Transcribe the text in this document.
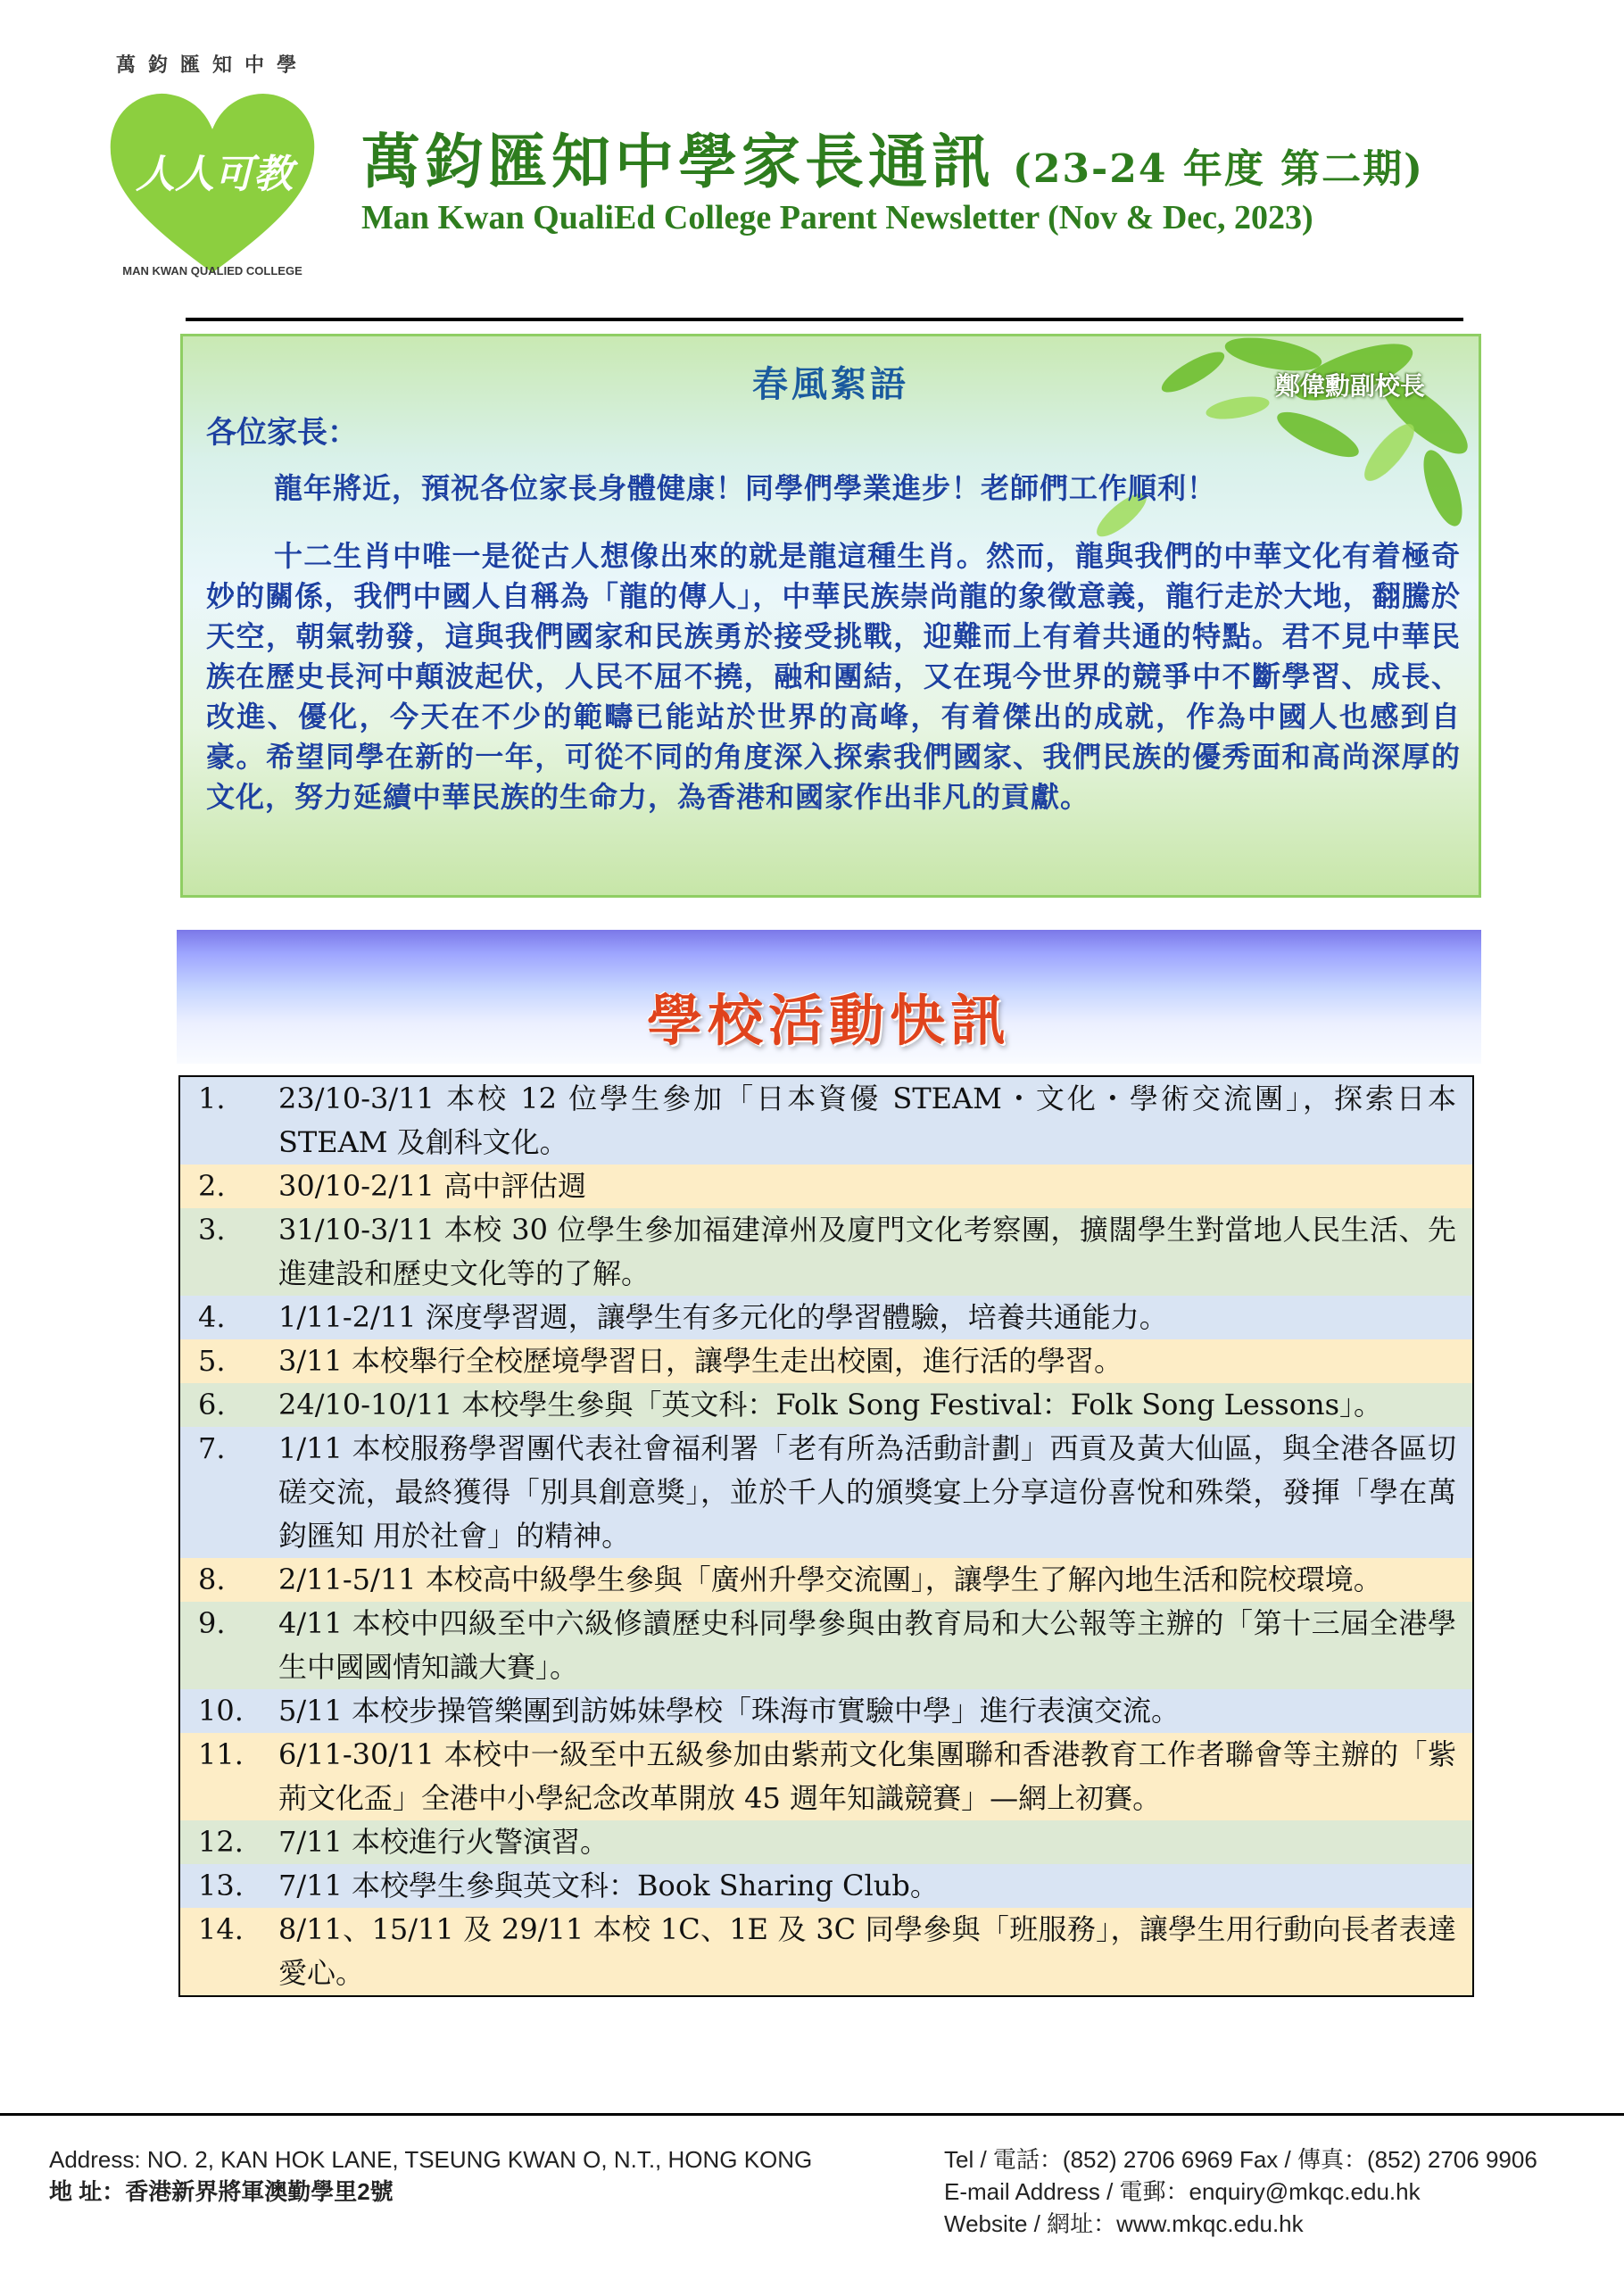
萬鈞匯知中學
人人可教
MAN KWAN QUALIED COLLEGE
萬鈞匯知中學家長通訊 (23-24 年度 第二期)
Man Kwan QualiEd College Parent Newsletter (Nov & Dec, 2023)
春風絮語	鄭偉勳副校長
各位家長：
龍年將近，預祝各位家長身體健康！同學們學業進步！老師們工作順利！
十二生肖中唯一是從古人想像出來的就是龍這種生肖。然而，龍與我們的中華文化有着極奇妙的關係，我們中國人自稱為「龍的傳人」，中華民族崇尚龍的象徵意義，龍行走於大地，翻騰於天空，朝氣勃發，這與我們國家和民族勇於接受挑戰，迎難而上有着共通的特點。君不見中華民族在歷史長河中顛波起伏，人民不屈不撓，融和團結，又在現今世界的競爭中不斷學習、成長、改進、優化，今天在不少的範疇已能站於世界的高峰，有着傑出的成就，作為中國人也感到自豪。希望同學在新的一年，可從不同的角度深入探索我們國家、我們民族的優秀面和高尚深厚的文化，努力延續中華民族的生命力，為香港和國家作出非凡的貢獻。
學校活動快訊
1.	23/10-3/11 本校 12 位學生參加「日本資優 STEAM・文化・學術交流團」，探索日本 STEAM 及創科文化。
2.	30/10-2/11 高中評估週
3.	31/10-3/11 本校 30 位學生參加福建漳州及廈門文化考察團，擴闊學生對當地人民生活、先進建設和歷史文化等的了解。
4.	1/11-2/11 深度學習週，讓學生有多元化的學習體驗，培養共通能力。
5.	3/11 本校舉行全校歷境學習日，讓學生走出校園，進行活的學習。
6.	24/10-10/11 本校學生參與「英文科：Folk Song Festival：Folk Song Lessons」。
7.	1/11 本校服務學習團代表社會福利署「老有所為活動計劃」西貢及黃大仙區，與全港各區切磋交流，最終獲得「別具創意獎」，並於千人的頒獎宴上分享這份喜悅和殊榮，發揮「學在萬鈞匯知 用於社會」的精神。
8.	2/11-5/11 本校高中級學生參與「廣州升學交流團」，讓學生了解內地生活和院校環境。
9.	4/11 本校中四級至中六級修讀歷史科同學參與由教育局和大公報等主辦的「第十三屆全港學生中國國情知識大賽」。
10.	5/11 本校步操管樂團到訪姊妹學校「珠海市實驗中學」進行表演交流。
11.	6/11-30/11 本校中一級至中五級參加由紫荊文化集團聯和香港教育工作者聯會等主辦的「紫荊文化盃」全港中小學紀念改革開放 45 週年知識競賽」—網上初賽。
12.	7/11 本校進行火警演習。
13.	7/11 本校學生參與英文科：Book Sharing Club。
14.	8/11、15/11 及 29/11 本校 1C、1E 及 3C 同學參與「班服務」，讓學生用行動向長者表達愛心。
Address: NO. 2, KAN HOK LANE, TSEUNG KWAN O, N.T., HONG KONG
地 址：香港新界將軍澳勤學里2號
Tel / 電話：(852) 2706 6969 Fax / 傳真：(852) 2706 9906
E-mail Address / 電郵：enquiry@mkqc.edu.hk
Website / 網址：www.mkqc.edu.hk
